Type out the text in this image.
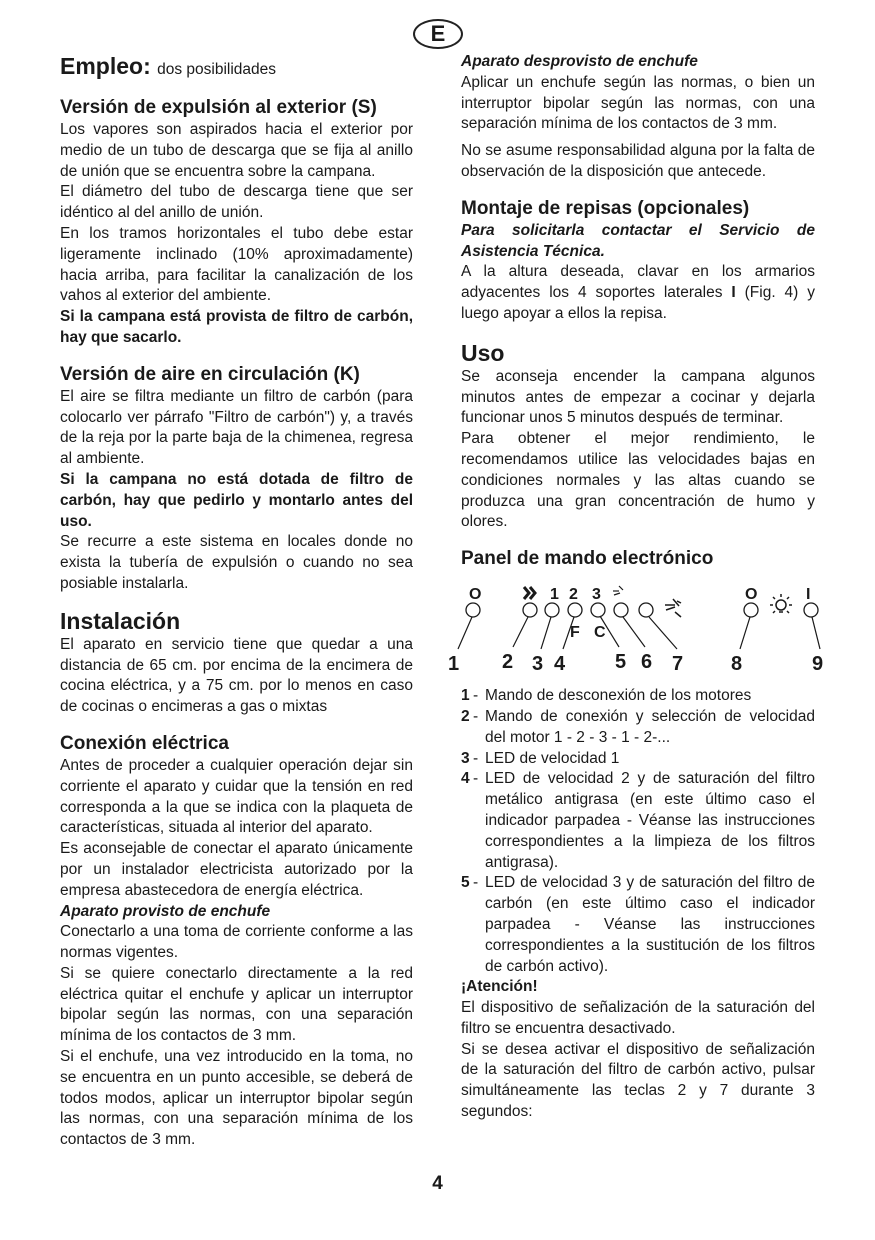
E
Empleo: dos posibilidades
Versión de expulsión al exterior (S)

Los vapores son aspirados hacia el exterior por medio de un tubo de descarga que se fija al anillo de unión que se encuentra sobre la campana.

El diámetro del tubo de descarga tiene que ser idéntico al del anillo de unión.

En los tramos horizontales el tubo debe estar ligeramente inclinado (10% aproximadamente) hacia arriba, para facilitar la canalización de los vahos al exterior del ambiente.

Si la campana está provista de filtro de carbón, hay que sacarlo.

Versión de aire en circulación (K)

El aire se filtra mediante un filtro de carbón (para colocarlo ver párrafo "Filtro de carbón") y, a través de la reja por la parte baja de la chimenea, regresa al ambiente.

Si la campana no está dotada de filtro de carbón, hay que pedirlo y montarlo antes del uso.

Se recurre a este sistema en locales donde no exista la tubería de expulsión o cuando no sea posiable instalarla.

Instalación

El aparato en servicio tiene que quedar a una distancia de 65 cm. por encima de la encimera de cocina eléctrica, y a 75 cm. por lo menos en caso de cocinas o encimeras a gas o mixtas

Conexión eléctrica

Antes de proceder a cualquier operación dejar sin corriente el aparato y cuidar que la tensión en red corresponda a la que se indica con la plaqueta de características, situada al interior del aparato.

Es aconsejable de conectar el aparato únicamente por un instalador electricista autorizado por la empresa abastecedora de energía eléctrica.

Aparato provisto de enchufe

Conectarlo a una toma de corriente conforme a las normas vigentes.

Si se quiere conectarlo directamente a la red eléctrica quitar el enchufe y aplicar un interruptor bipolar según las normas, con una separación mínima de los contactos de 3 mm.

Si el enchufe, una vez introducido en la toma, no se encuentra en un punto accesible, se deberá de todos modos, aplicar un interruptor bipolar según las normas, con una separación mínima de los contactos de 3 mm.

Aparato desprovisto de enchufe

Aplicar un enchufe según las normas, o bien un interruptor bipolar según las normas, con una separación mínima de los contactos de 3 mm.

No se asume responsabilidad alguna por la falta de observación de la disposición que antecede.

Montaje de repisas (opcionales)

Para solicitarla contactar el Servicio de Asistencia Técnica.

A la altura deseada, clavar en los armarios adyacentes los 4 soportes laterales I (Fig. 4) y luego apoyar a ellos la repisa.

Uso

Se aconseja encender la campana algunos minutos antes de empezar a cocinar y dejarla funcionar unos 5 minutos después de terminar.

Para obtener el mejor rendimiento, le recomendamos utilice las velocidades bajas en condiciones normales y las altas cuando se produzca una gran concentración de humo y olores.

Panel de mando electrónico
O	1 2 3	O	I
F C
1 2 3 4 5 6 7 8	9
1 - Mando de desconexión de los motores
2 - Mando de conexión y selección de velocidad del motor 1 - 2 - 3 - 1 - 2-...
3 - LED de velocidad 1
4 - LED de velocidad 2 y de saturación del filtro metálico antigrasa (en este último caso el indicador parpadea - Véanse las instrucciones correspondientes a la limpieza de los filtros antigrasa).
5 - LED de velocidad 3 y de saturación del filtro de carbón (en este último caso el indicador parpadea - Véanse las instrucciones correspondientes a la sustitución de los filtros de carbón activo).

¡Atención!

El dispositivo de señalización de la saturación del filtro se encuentra desactivado.

Si se desea activar el dispositivo de señalización de la saturación del filtro de carbón activo, pulsar simultáneamente las teclas 2 y 7 durante 3 segundos:

4
